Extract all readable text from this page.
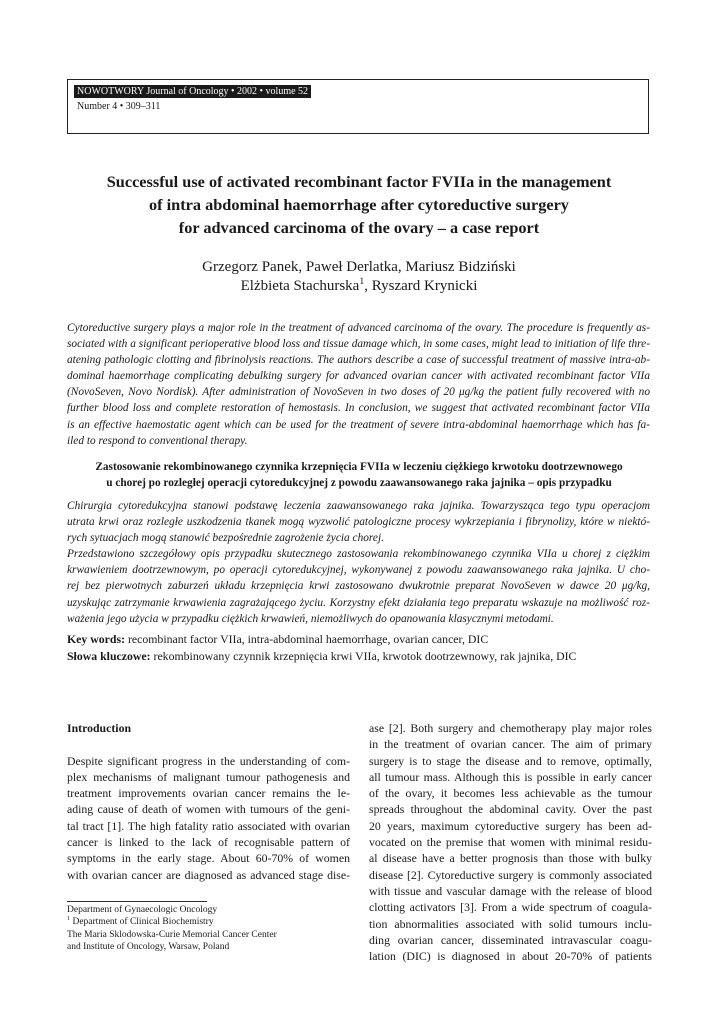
NOWOTWORY Journal of Oncology • 2002 • volume 52
Number 4 • 309–311
Successful use of activated recombinant factor FVIIa in the management
of intra abdominal haemorrhage after cytoreductive surgery
for advanced carcinoma of the ovary – a case report
Grzegorz Panek, Paweł Derlatka, Mariusz Bidziński
Elżbieta Stachurska$^1$, Ryszard Krynicki
Cytoreductive surgery plays a major role in the treatment of advanced carcinoma of the ovary. The procedure is frequently as-
sociated with a significant perioperative blood loss and tissue damage which, in some cases, might lead to initiation of life thre-
atening pathologic clotting and fibrinolysis reactions. The authors describe a case of successful treatment of massive intra-ab-
dominal haemorrhage complicating debulking surgery for advanced ovarian cancer with activated recombinant factor VIIa
(NovoSeven, Novo Nordisk). After administration of NovoSeven in two doses of 20 μg/kg the patient fully recovered with no
further blood loss and complete restoration of hemostasis. In conclusion, we suggest that activated recombinant factor VIIa
is an effective haemostatic agent which can be used for the treatment of severe intra-abdominal haemorrhage which has fa-
iled to respond to conventional therapy.
Zastosowanie rekombinowanego czynnika krzepnięcia FVIIa w leczeniu ciężkiego krwotoku dootrzewnowego
u chorej po rozległej operacji cytoredukcyjnej z powodu zaawansowanego raka jajnika – opis przypadku
Chirurgia cytoredukcyjna stanowi podstawę leczenia zaawansowanego raka jajnika. Towarzysząca tego typu operacjom
utrata krwi oraz rozległe uszkodzenia tkanek mogą wyzwolić patologiczne procesy wykrzepiania i fibrynolizy, które w niektó-
rych sytuacjach mogą stanowić bezpośrednie zagrożenie życia chorej.
Przedstawiono szczegółowy opis przypadku skutecznego zastosowania rekombinowanego czynnika VIIa u chorej z ciężkim
krwawieniem dootrzewnowym, po operacji cytoredukcyjnej, wykonywanej z powodu zaawansowanego raka jajnika. U cho-
rej bez pierwotnych zaburzeń układu krzepnięcia krwi zastosowano dwukrotnie preparat NovoSeven w dawce 20 μg/kg,
uzyskując zatrzymanie krwawienia zagrażającego życiu. Korzystny efekt działania tego preparatu wskazuje na możliwość roz-
ważenia jego użycia w przypadku ciężkich krwawień, niemożliwych do opanowania klasycznymi metodami.
Key words: recombinant factor VIIa, intra-abdominal haemorrhage, ovarian cancer, DIC
Słowa kluczowe: rekombinowany czynnik krzepnięcia krwi VIIa, krwotok dootrzewnowy, rak jajnika, DIC
Introduction
Despite significant progress in the understanding of com-
plex mechanisms of malignant tumour pathogenesis and
treatment improvements ovarian cancer remains the le-
ading cause of death of women with tumours of the geni-
tal tract [1]. The high fatality ratio associated with ovarian
cancer is linked to the lack of recognisable pattern of
symptoms in the early stage. About 60-70% of women
with ovarian cancer are diagnosed as advanced stage dise-
ase [2]. Both surgery and chemotherapy play major roles
in the treatment of ovarian cancer. The aim of primary
surgery is to stage the disease and to remove, optimally,
all tumour mass. Although this is possible in early cancer
of the ovary, it becomes less achievable as the tumour
spreads throughout the abdominal cavity. Over the past
20 years, maximum cytoreductive surgery has been ad-
vocated on the premise that women with minimal residu-
al disease have a better prognosis than those with bulky
disease [2]. Cytoreductive surgery is commonly associated
with tissue and vascular damage with the release of blood
clotting activators [3]. From a wide spectrum of coagula-
tion abnormalities associated with solid tumours inclu-
ding ovarian cancer, disseminated intravascular coagu-
lation (DIC) is diagnosed in about 20-70% of patients
Department of Gynaecologic Oncology
$^1$ Department of Clinical Biochemistry
The Maria Sklodowska-Curie Memorial Cancer Center
and Institute of Oncology, Warsaw, Poland
